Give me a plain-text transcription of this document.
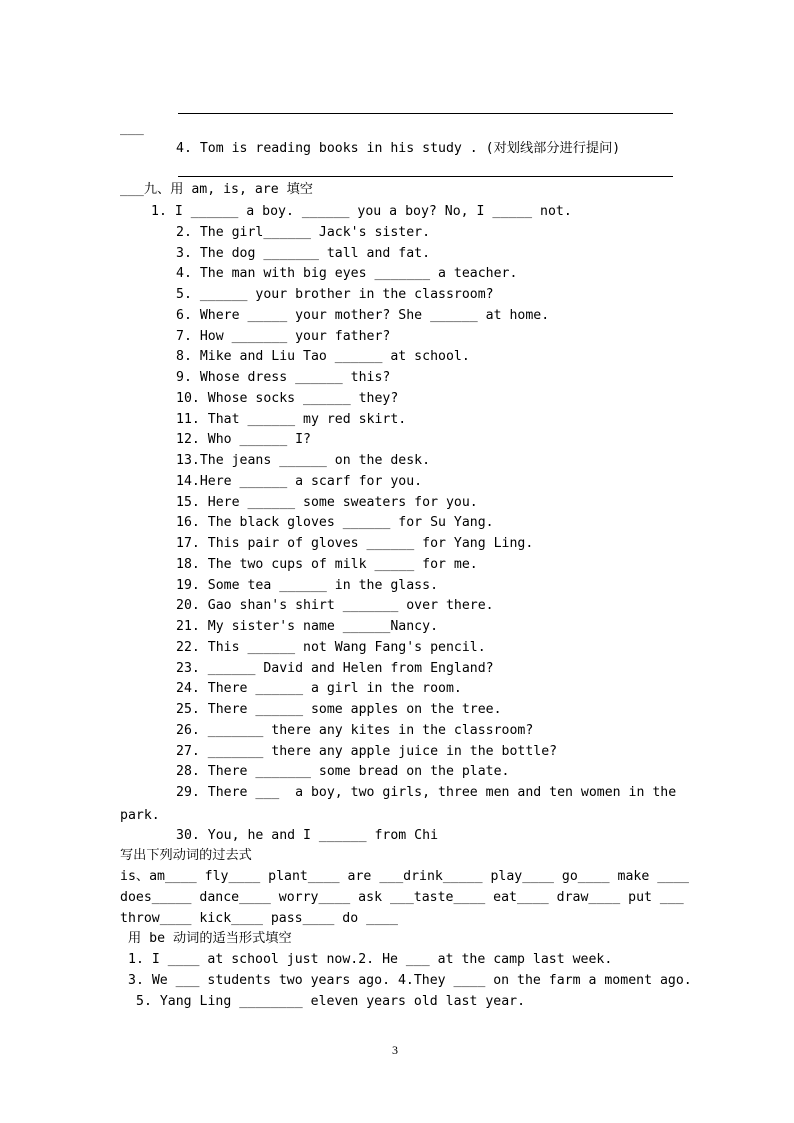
___
4. Tom is reading books in his study . (对划线部分进行提问)
___九、用 am, is, are 填空
1. I ______ a boy. ______ you a boy? No, I _____ not.
2. The girl______ Jack's sister.
3. The dog _______ tall and fat.
4. The man with big eyes _______ a teacher.
5. ______ your brother in the classroom?
6. Where _____ your mother? She ______ at home.
7. How _______ your father?
8. Mike and Liu Tao ______ at school.
9. Whose dress ______ this?
10. Whose socks ______ they?
11. That ______ my red skirt.
12. Who ______ I?
13.The jeans ______ on the desk.
14.Here ______ a scarf for you.
15. Here ______ some sweaters for you.
16. The black gloves ______ for Su Yang.
17. This pair of gloves ______ for Yang Ling.
18. The two cups of milk _____ for me.
19. Some tea ______ in the glass.
20. Gao shan's shirt _______ over there.
21. My sister's name ______Nancy.
22. This ______ not Wang Fang's pencil.
23. ______ David and Helen from England?
24. There ______ a girl in the room.
25. There ______ some apples on the tree.
26. _______ there any kites in the classroom?
27. _______ there any apple juice in the bottle?
28. There _______ some bread on the plate.
29. There ___  a boy, two girls, three men and ten women in the
park.
30. You, he and I ______ from Chi
写出下列动词的过去式
is、am____ fly____ plant____ are ___drink_____ play____ go____ make ____
does_____ dance____ worry____ ask ___taste____ eat____ draw____ put ___
throw____ kick____ pass____ do ____
用 be 动词的适当形式填空
1. I ____ at school just now.2. He ___ at the camp last week.
3. We ___ students two years ago. 4.They ____ on the farm a moment ago.
5. Yang Ling ________ eleven years old last year.
3
